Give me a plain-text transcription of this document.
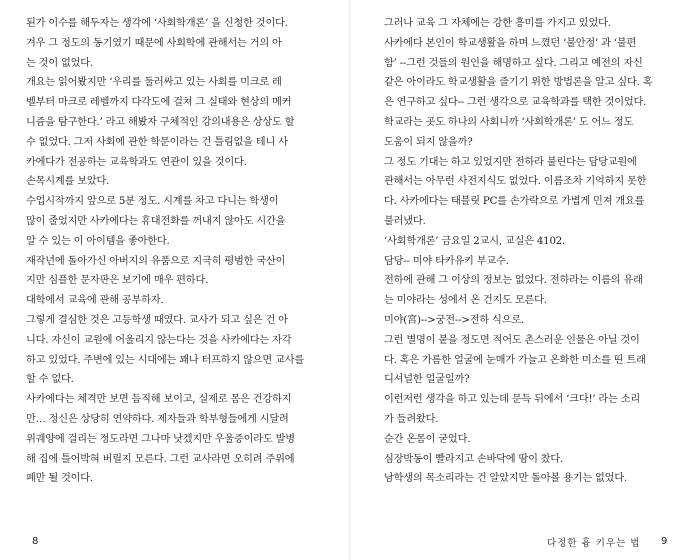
된가 이수를 해두자는 생각에 ‘사회학개론’ 을 신청한 것이다.
겨우 그 정도의 동기였기 때문에 사회학에 관해서는 거의 아
는 것이 없었다.
개요는 읽어봤지만 ‘우리를 둘러싸고 있는 사회를 미크로 레
벨부터 마크로 레벨까지 다각도에 걸쳐 그 실태와 현상의 메커
니즘을 탐구한다.’ 라고 해봤자 구체적인 강의내용은 상상도 할
수 없었다. 그저 사회에 관한 학문이라는 건 틀림없을 테니 사
카에다가 전공하는 교육학과도 연관이 있을 것이다.
손목시계를 보았다.
수업시작까지 앞으로 5분 정도. 시계를 차고 다니는 학생이
많이 줄었지만 사카에다는 휴대전화를 꺼내지 않아도 시간을
알 수 있는 이 아이템을 좋아한다.
재작년에 돌아가신 아버지의 유품으로 지극히 평범한 국산이
지만 심플한 문자판은 보기에 매우 편하다.
대학에서 교육에 관해 공부하자.
그렇게 결심한 것은 고등학생 때였다. 교사가 되고 싶은 건 아
니다. 자신이 교원에 어울리지 않는다는 것을 사카에다는 자각
하고 있었다. 주변에 있는 시대에는 꽤나 터프하지 않으면 교사를
할 수 없다.
사카에다는 체격만 보면 듬직해 보이고, 실제로 몸은 건강하지
만… 정신은 상당히 연약하다. 제자들과 학부형들에게 시달려
위궤양에 걸리는 정도라면 그나마 낫겠지만 우울증이라도 발병
해 집에 틀어박혀 버릴지 모른다. 그런 교사라면 오히려 주위에
폐만 될 것이다.
그러나 교육 그 자체에는 강한 흥미를 가지고 있었다.
사카에다 본인이 학교생활을 하며 느꼈던 ‘불안정’ 과 ‘불편
함’ --그런 것들의 원인을 해명하고 싶다. 그리고 예전의 자신
같은 아이라도 학교생활을 즐기기 위한 방법론을 알고 싶다. 혹
은 연구하고 싶다-- 그런 생각으로 교육학과를 택한 것이었다.
학교라는 곳도 하나의 사회니까 ‘사회학개론’ 도 어느 정도
도움이 되지 않을까?
그 정도 기대는 하고 있었지만 전하라 불린다는 담당교원에
관해서는 아무런 사전지식도 없었다. 이름조차 기억하지 못한
다. 사카에다는 태블릿 PC를 손가락으로 가볍게 민져 개요를
불러냈다.
‘사회학개론’ 금요일 2교시, 교실은 4102.
담당-- 미야 타카유키 부교수.
전하에 관해 그 이상의 정보는 없었다. 전하라는 이름의 유래
는 미야라는 성에서 온 건지도 모른다.
미야(宮)-->궁전-->전하 식으로.
그런 별명이 붙을 정도면 적어도 촌스러운 인물은 아닐 것이
다. 혹은 가름한 얼굴에 눈매가 가늘고 온화한 미소를 띤 트래
디셔널한 얼굴일까?
이런저런 생각을 하고 있는데 문득 뒤에서 ‘크다!’ 라는 소리
가 들려왔다.
순간 온몸이 굳었다.
심장박동이 빨라지고 손바닥에 땀이 찼다.
남학생의 목소리라는 건 알았지만 돌아볼 용기는 없었다.
8	다정한 흉 키우는 법 9
